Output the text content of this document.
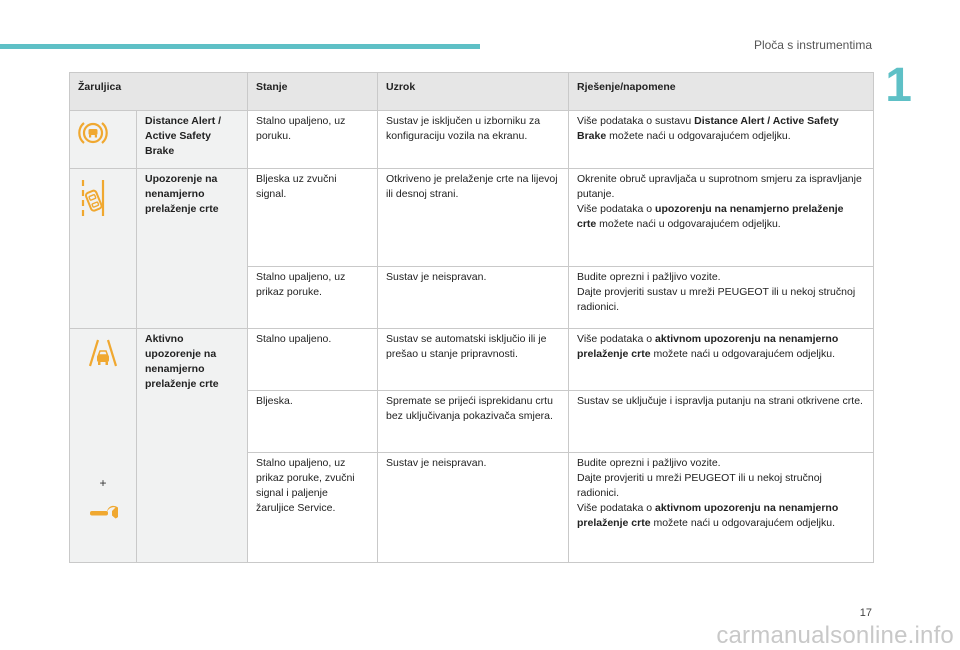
Ploča s instrumentima
1
Žaruljica		Stanje	Uzrok	Rješenje/napomene
	Distance Alert / Active Safety Brake	Stalno upaljeno, uz poruku.	Sustav je isključen u izborniku za konfiguraciju vozila na ekranu.	Više podataka o sustavu Distance Alert / Active Safety Brake možete naći u odgovarajućem odjeljku.
	Upozorenje na nenamjerno prelaženje crte	Bljeska uz zvučni signal.	Otkriveno je prelaženje crte na lijevoj ili desnoj strani.	Okrenite obruč upravljača u suprotnom smjeru za ispravljanje putanje.
Više podataka o upozorenju na nenamjerno prelaženje crte možete naći u odgovarajućem odjeljku.

		Stalno upaljeno, uz prikaz poruke.	Sustav je neispravan.	Budite oprezni i pažljivo vozite.
Dajte provjeriti sustav u mreži PEUGEOT ili u nekoj stručnoj radionici.

+	Aktivno upozorenje na nenamjerno prelaženje crte	Stalno upaljeno.	Sustav se automatski isključio ili je prešao u stanje pripravnosti.	Više podataka o aktivnom upozorenju na nenamjerno prelaženje crte možete naći u odgovarajućem odjeljku.
		Bljeska.	Spremate se prijeći isprekidanu crtu bez uključivanja pokazivača smjera.	Sustav se uključuje i ispravlja putanju na strani otkrivene crte.
		Stalno upaljeno, uz prikaz poruke, zvučni signal i paljenje žaruljice Service.	Sustav je neispravan.	Budite oprezni i pažljivo vozite.
Dajte provjeriti u mreži PEUGEOT ili u nekoj stručnoj radionici.
Više podataka o aktivnom upozorenju na nenamjerno prelaženje crte možete naći u odgovarajućem odjeljku.
17
carmanualsonline.info
